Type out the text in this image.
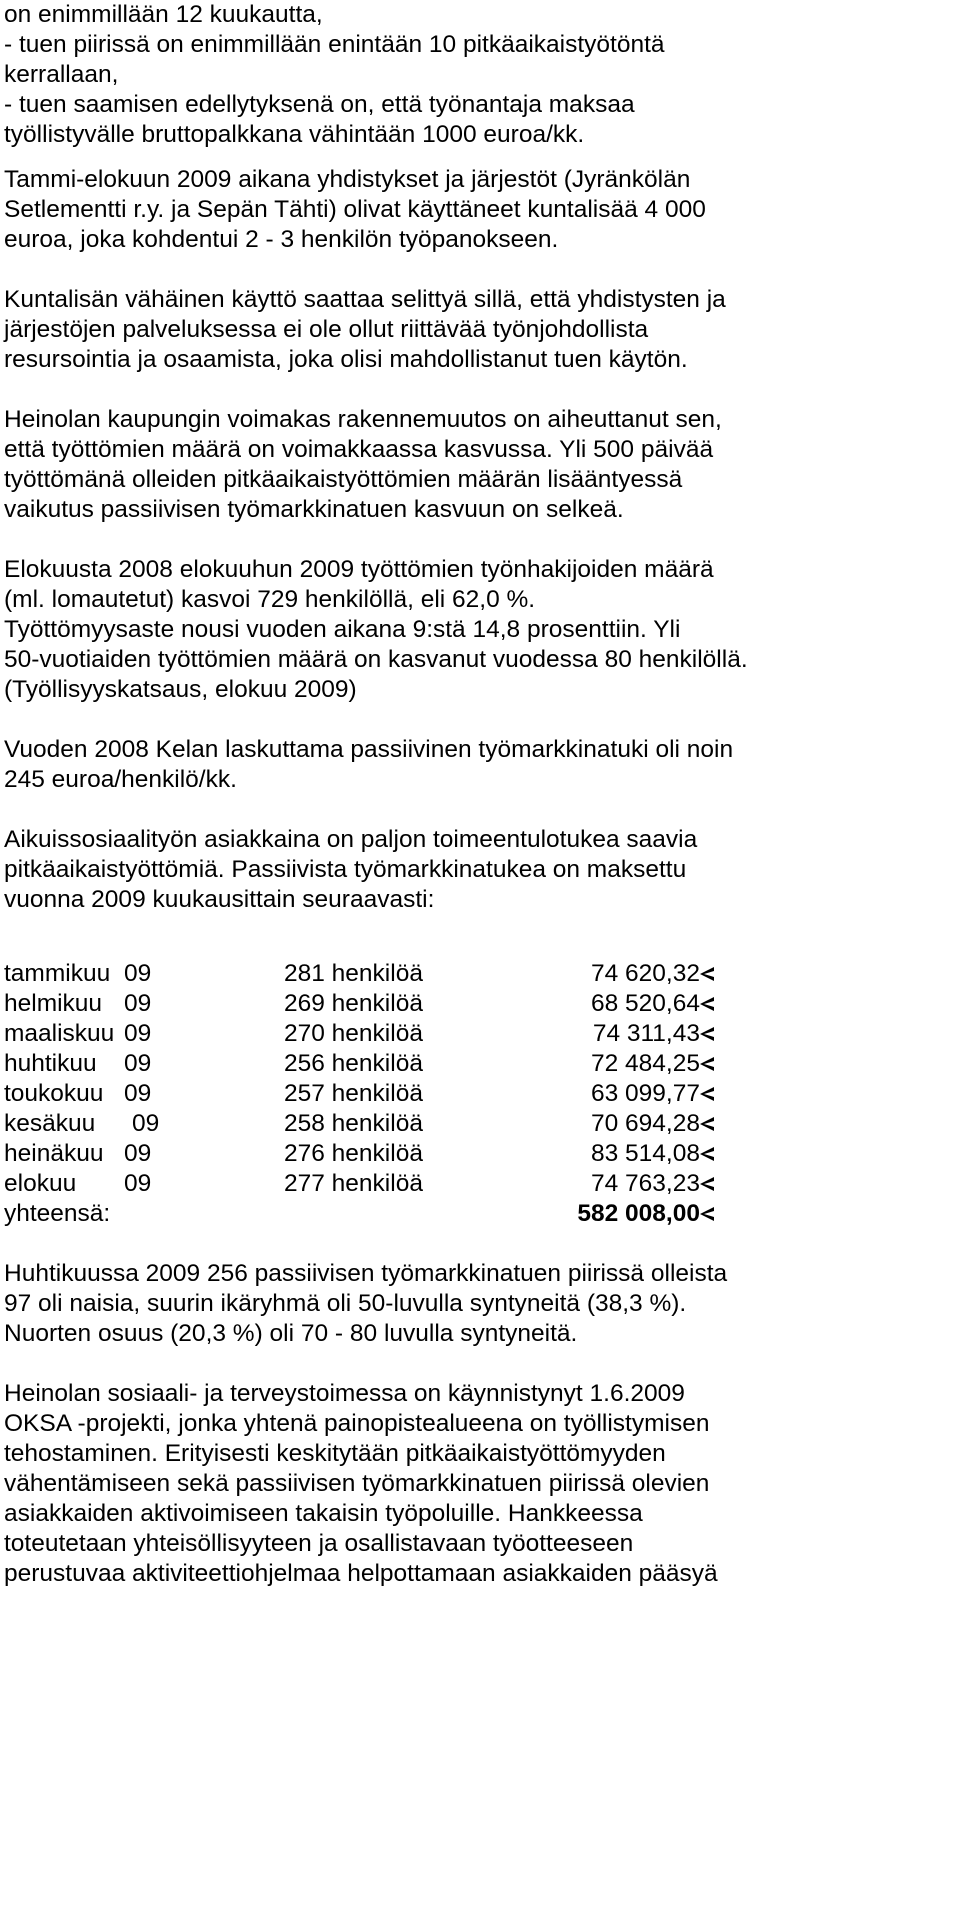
on enimmillään 12 kuukautta,
- tuen piirissä on enimmillään enintään 10 pitkäaikaistyötöntä
kerrallaan,
- tuen saamisen edellytyksenä on, että työnantaja maksaa
työllistyvälle bruttopalkkana vähintään 1000 euroa/kk.
Tammi-elokuun 2009 aikana yhdistykset ja järjestöt (Jyränkölän
Setlementti r.y. ja Sepän Tähti) olivat käyttäneet kuntalisää 4 000
euroa, joka kohdentui 2 - 3 henkilön työpanokseen.
Kuntalisän vähäinen käyttö saattaa selittyä sillä, että yhdistysten ja
järjestöjen palveluksessa ei ole ollut riittävää työnjohdollista
resursointia ja osaamista, joka olisi mahdollistanut tuen käytön.
Heinolan kaupungin voimakas rakennemuutos on aiheuttanut sen,
että työttömien määrä on voimakkaassa kasvussa. Yli 500 päivää
työttömänä olleiden pitkäaikaistyöttömien määrän lisääntyessä
vaikutus passiivisen työmarkkinatuen kasvuun on selkeä.
Elokuusta 2008 elokuuhun 2009 työttömien työnhakijoiden määrä
(ml. lomautetut) kasvoi 729 henkilöllä, eli 62,0 %.
Työttömyysaste nousi vuoden aikana 9:stä 14,8 prosenttiin. Yli
50-vuotiaiden työttömien määrä on kasvanut vuodessa 80 henkilöllä.
(Työllisyyskatsaus, elokuu 2009)
Vuoden 2008 Kelan laskuttama passiivinen työmarkkinatuki oli noin
245 euroa/henkilö/kk.
Aikuissosiaalityön asiakkaina on paljon toimeentulotukea saavia
pitkäaikaistyöttömiä. Passiivista työmarkkinatukea on maksettu
vuonna 2009 kuukausittain seuraavasti:
tammikuu 09	281 henkilöä	74 620,32
helmikuu 09	269 henkilöä	68 520,64
maaliskuu 09	270 henkilöä	74 311,43
huhtikuu 09	256 henkilöä	72 484,25
toukokuu 09	257 henkilöä	63 099,77
kesäkuu 09	258 henkilöä	70 694,28
heinäkuu 09	276 henkilöä	83 514,08
elokuu 09	277 henkilöä	74 763,23
yhteensä:	582 008,00
Huhtikuussa 2009 256 passiivisen työmarkkinatuen piirissä olleista
97 oli naisia, suurin ikäryhmä oli 50-luvulla syntyneitä (38,3 %).
Nuorten osuus (20,3 %) oli 70 - 80 luvulla syntyneitä.
Heinolan sosiaali- ja terveystoimessa on käynnistynyt 1.6.2009
OKSA -projekti, jonka yhtenä painopistealueena on työllistymisen
tehostaminen. Erityisesti keskitytään pitkäaikaistyöttömyyden
vähentämiseen sekä passiivisen työmarkkinatuen piirissä olevien
asiakkaiden aktivoimiseen takaisin työpoluille. Hankkeessa
toteutetaan yhteisöllisyyteen ja osallistavaan työotteeseen
perustuvaa aktiviteettiohjelmaa helpottamaan asiakkaiden pääsyä
